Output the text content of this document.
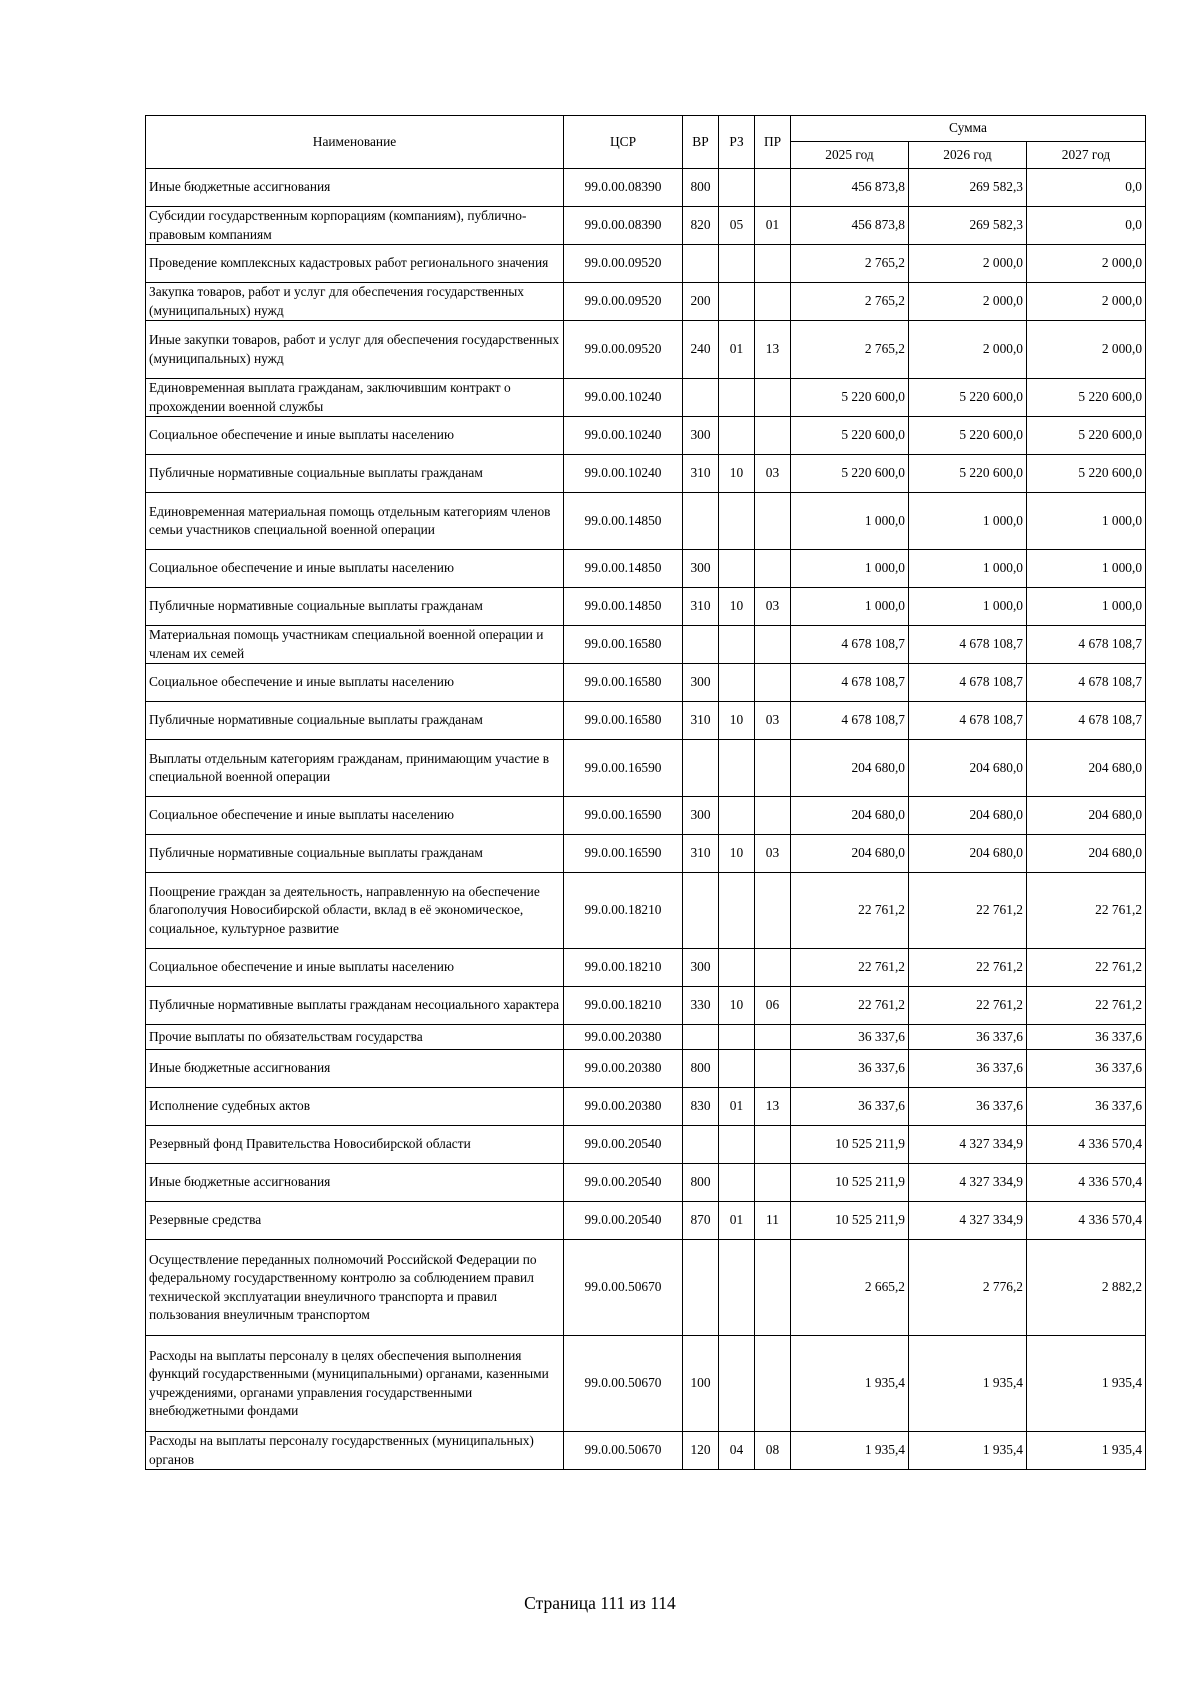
Наименование	ЦСР	ВР	РЗ	ПР	Сумма		
					2025 год	2026 год	2027 год
Иные бюджетные ассигнования	99.0.00.08390	800			456 873,8	269 582,3	0,0
Субсидии государственным корпорациям (компаниям), публично-правовым компаниям	99.0.00.08390	820	05	01	456 873,8	269 582,3	0,0
Проведение комплексных кадастровых работ регионального значения	99.0.00.09520				2 765,2	2 000,0	2 000,0
Закупка товаров, работ и услуг для обеспечения государственных (муниципальных) нужд	99.0.00.09520	200			2 765,2	2 000,0	2 000,0
Иные закупки товаров, работ и услуг для обеспечения государственных (муниципальных) нужд	99.0.00.09520	240	01	13	2 765,2	2 000,0	2 000,0
Единовременная выплата гражданам, заключившим контракт о прохождении военной службы	99.0.00.10240				5 220 600,0	5 220 600,0	5 220 600,0
Социальное обеспечение и иные выплаты населению	99.0.00.10240	300			5 220 600,0	5 220 600,0	5 220 600,0
Публичные нормативные социальные выплаты гражданам	99.0.00.10240	310	10	03	5 220 600,0	5 220 600,0	5 220 600,0
Единовременная материальная помощь отдельным категориям членов семьи участников специальной военной операции	99.0.00.14850				1 000,0	1 000,0	1 000,0
Социальное обеспечение и иные выплаты населению	99.0.00.14850	300			1 000,0	1 000,0	1 000,0
Публичные нормативные социальные выплаты гражданам	99.0.00.14850	310	10	03	1 000,0	1 000,0	1 000,0
Материальная помощь участникам специальной военной операции и членам их семей	99.0.00.16580				4 678 108,7	4 678 108,7	4 678 108,7
Социальное обеспечение и иные выплаты населению	99.0.00.16580	300			4 678 108,7	4 678 108,7	4 678 108,7
Публичные нормативные социальные выплаты гражданам	99.0.00.16580	310	10	03	4 678 108,7	4 678 108,7	4 678 108,7
Выплаты отдельным категориям гражданам, принимающим участие в специальной военной операции	99.0.00.16590				204 680,0	204 680,0	204 680,0
Социальное обеспечение и иные выплаты населению	99.0.00.16590	300			204 680,0	204 680,0	204 680,0
Публичные нормативные социальные выплаты гражданам	99.0.00.16590	310	10	03	204 680,0	204 680,0	204 680,0
Поощрение граждан за деятельность, направленную на обеспечение благополучия Новосибирской области, вклад в её экономическое, социальное, культурное развитие	99.0.00.18210				22 761,2	22 761,2	22 761,2
Социальное обеспечение и иные выплаты населению	99.0.00.18210	300			22 761,2	22 761,2	22 761,2
Публичные нормативные выплаты гражданам несоциального характера	99.0.00.18210	330	10	06	22 761,2	22 761,2	22 761,2
Прочие выплаты по обязательствам государства	99.0.00.20380				36 337,6	36 337,6	36 337,6
Иные бюджетные ассигнования	99.0.00.20380	800			36 337,6	36 337,6	36 337,6
Исполнение судебных актов	99.0.00.20380	830	01	13	36 337,6	36 337,6	36 337,6
Резервный фонд Правительства Новосибирской области	99.0.00.20540				10 525 211,9	4 327 334,9	4 336 570,4
Иные бюджетные ассигнования	99.0.00.20540	800			10 525 211,9	4 327 334,9	4 336 570,4
Резервные средства	99.0.00.20540	870	01	11	10 525 211,9	4 327 334,9	4 336 570,4
Осуществление переданных полномочий Российской Федерации по федеральному государственному контролю за соблюдением правил технической эксплуатации внеуличного транспорта и правил пользования внеуличным транспортом	99.0.00.50670				2 665,2	2 776,2	2 882,2
Расходы на выплаты персоналу в целях обеспечения выполнения функций государственными (муниципальными) органами, казенными учреждениями, органами управления государственными внебюджетными фондами	99.0.00.50670	100			1 935,4	1 935,4	1 935,4
Расходы на выплаты персоналу государственных (муниципальных) органов	99.0.00.50670	120	04	08	1 935,4	1 935,4	1 935,4
Страница 111 из 114
